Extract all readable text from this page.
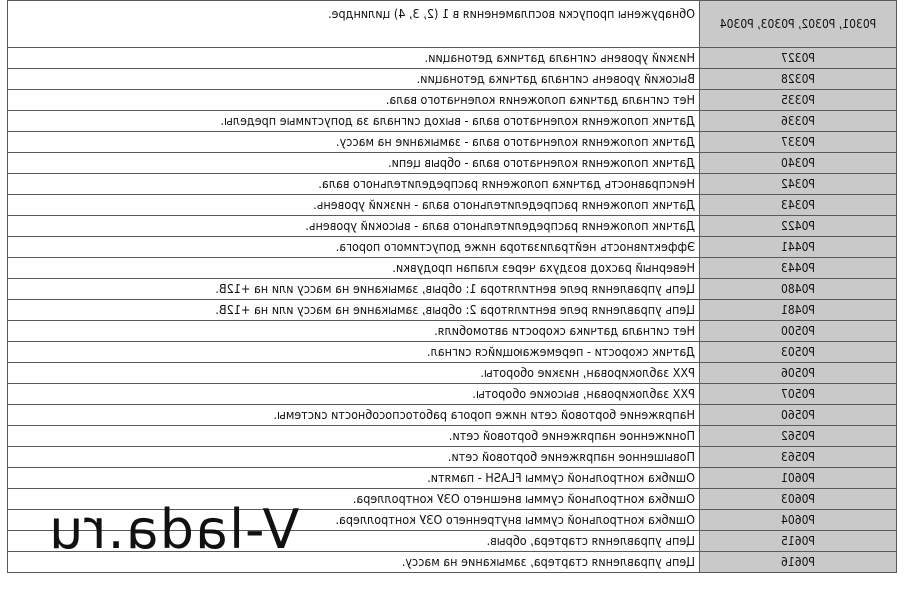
P0301, P0302, P0303, P0304	Обнаружены пропуски воспламенения в 1 (2, 3, 4) цилиндре.
P0327	Низкий уровень сигнала датчика детонации.
P0328	Высокий уровень сигнала датчика детонации.
P0335	Нет сигнала датчика положения коленчатого вала.
P0336	Датчик положения коленчатого вала - выход сигнала за допустимые пределы.
P0337	Датчик положения коленчатого вала - замыкание на массу.
P0340	Датчик положения коленчатого вала - обрыв цепи.
P0342	Неисправность датчика положения распределительного вала.
P0343	Датчик положения распределительного вала - низкий уровень.
P0422	Датчик положения распределительного вала - высокий уровень.
P0441	Эффективность нейтрализатора ниже допустимого порога.
P0443	Неверный расход воздуха через клапан продувки.
P0480	Цепь управления реле вентилятора 1: обрыв, замыкание на массу или на +12В.
P0481	Цепь управления реле вентилятора 2: обрыв, замыкание на массу или на +12В.
P0500	Нет сигнала датчика скорости автомобиля.
P0503	Датчик скорости - перемежающийся сигнал.
P0506	РХХ заблокирован, низкие обороты.
P0507	РХХ заблокирован, высокие обороты.
P0560	Напряжение бортовой сети ниже порога работоспособности системы.
P0562	Пониженное напряжение бортовой сети.
P0563	Повышенное напряжение бортовой сети.
P0601	Ошибка контрольной суммы FLASH - памяти.
P0603	Ошибка контрольной суммы внешнего ОЗУ контроллера.
P0604	Ошибка контрольной суммы внутреннего ОЗУ контроллера.
P0615	Цепь управления стартера, обрыв.
P0616	Цепь управления стартера, замыкание на массу.
V-lada.ru
